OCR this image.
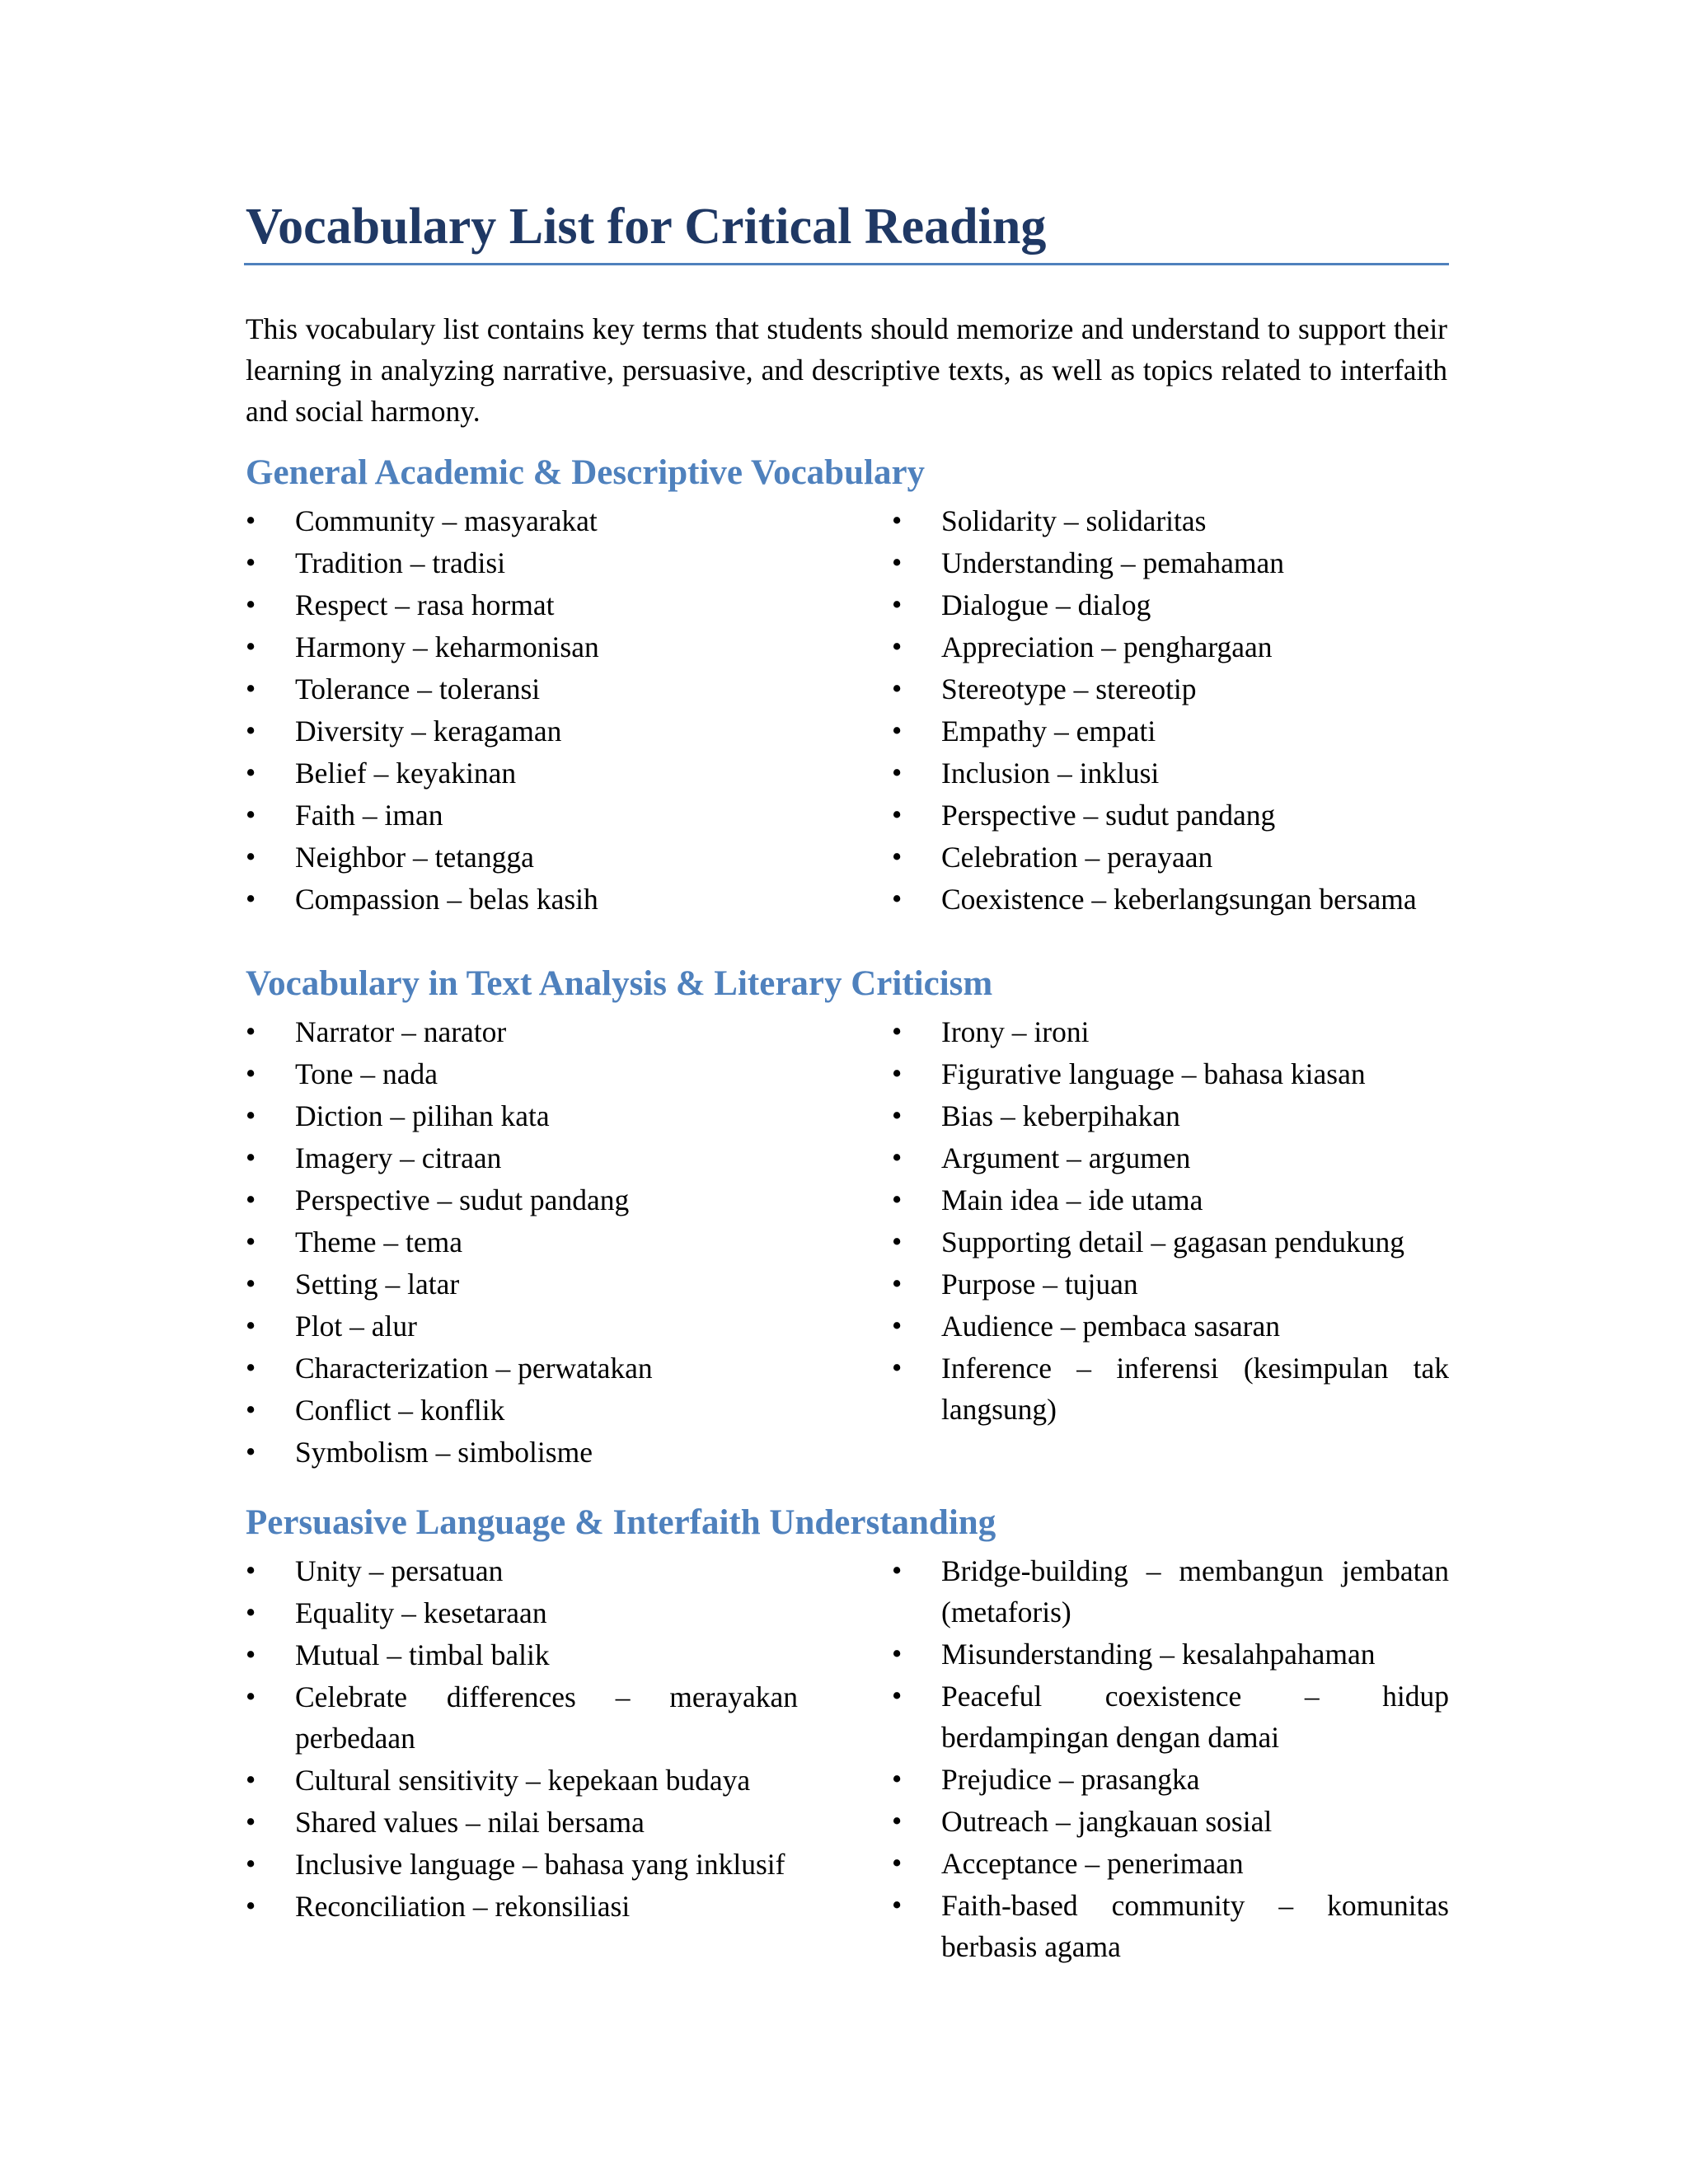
Vocabulary List for Critical Reading

This vocabulary list contains key terms that students should memorize and understand to support their learning in analyzing narrative, persuasive, and descriptive texts, as well as topics related to interfaith and social harmony.

General Academic & Descriptive Vocabulary
•	Community – masyarakat
•	Tradition – tradisi
•	Respect – rasa hormat
•	Harmony – keharmonisan
•	Tolerance – toleransi
•	Diversity – keragaman
•	Belief – keyakinan
•	Faith – iman
•	Neighbor – tetangga
•	Compassion – belas kasih
•	Solidarity – solidaritas
•	Understanding – pemahaman
•	Dialogue – dialog
•	Appreciation – penghargaan
•	Stereotype – stereotip
•	Empathy – empati
•	Inclusion – inklusi
•	Perspective – sudut pandang
•	Celebration – perayaan
•	Coexistence – keberlangsungan bersama
Vocabulary in Text Analysis & Literary Criticism
•	Narrator – narator
•	Tone – nada
•	Diction – pilihan kata
•	Imagery – citraan
•	Perspective – sudut pandang
•	Theme – tema
•	Setting – latar
•	Plot – alur
•	Characterization – perwatakan
•	Conflict – konflik
•	Symbolism – simbolisme
•	Irony – ironi
•	Figurative language – bahasa kiasan
•	Bias – keberpihakan
•	Argument – argumen
•	Main idea – ide utama
•	Supporting detail – gagasan pendukung
•	Purpose – tujuan
•	Audience – pembaca sasaran
•	Inference – inferensi (kesimpulan tak langsung)
Persuasive Language & Interfaith Understanding
•	Unity – persatuan
•	Equality – kesetaraan
•	Mutual – timbal balik
•	Celebrate differences – merayakan perbedaan
•	Cultural sensitivity – kepekaan budaya
•	Shared values – nilai bersama
•	Inclusive language – bahasa yang inklusif
•	Reconciliation – rekonsiliasi
•	Bridge-building – membangun jembatan (metaforis)
•	Misunderstanding – kesalahpahaman
•	Peaceful coexistence – hidup berdampingan dengan damai
•	Prejudice – prasangka
•	Outreach – jangkauan sosial
•	Acceptance – penerimaan
•	Faith-based community – komunitas berbasis agama
